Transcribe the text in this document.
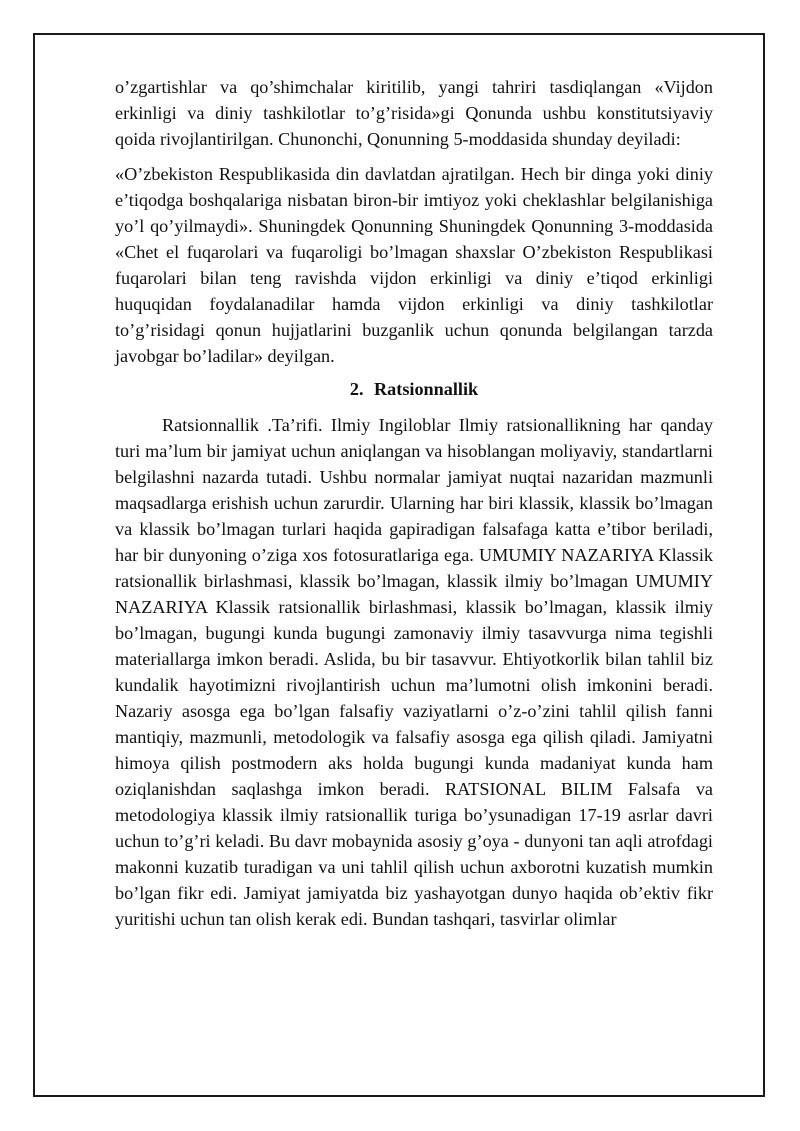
o’zgartishlar va qo’shimchalar kiritilib, yangi tahriri tasdiqlangan «Vijdon erkinligi va diniy tashkilotlar to’g’risida»gi Qonunda ushbu konstitutsiyaviy qoida rivojlantirilgan. Chunonchi, Qonunning 5-moddasida shunday deyiladi:

«O’zbekiston Respublikasida din davlatdan ajratilgan. Hech bir dinga yoki diniy e’tiqodga boshqalariga nisbatan biron-bir imtiyoz yoki cheklashlar belgilanishiga yo’l qo’yilmaydi». Shuningdek Qonunning Shuningdek Qonunning 3-moddasida «Chet el fuqarolari va fuqaroligi bo’lmagan shaxslar O’zbekiston Respublikasi fuqarolari bilan teng ravishda vijdon erkinligi va diniy e’tiqod erkinligi huquqidan foydalanadilar hamda vijdon erkinligi va diniy tashkilotlar to’g’risidagi qonun hujjatlarini buzganlik uchun qonunda belgilangan tarzda javobgar bo’ladilar» deyilgan.

2. Ratsionnallik

Ratsionnallik .Ta’rifi. Ilmiy Ingiloblar Ilmiy ratsionallikning har qanday turi ma’lum bir jamiyat uchun aniqlangan va hisoblangan moliyaviy, standartlarni belgilashni nazarda tutadi. Ushbu normalar jamiyat nuqtai nazaridan mazmunli maqsadlarga erishish uchun zarurdir. Ularning har biri klassik, klassik bo’lmagan va klassik bo’lmagan turlari haqida gapiradigan falsafaga katta e’tibor beriladi, har bir dunyoning o’ziga xos fotosuratlariga ega. UMUMIY NAZARIYA Klassik ratsionallik birlashmasi, klassik bo’lmagan, klassik ilmiy bo’lmagan UMUMIY NAZARIYA Klassik ratsionallik birlashmasi, klassik bo’lmagan, klassik ilmiy bo’lmagan, bugungi kunda bugungi zamonaviy ilmiy tasavvurga nima tegishli materiallarga imkon beradi. Aslida, bu bir tasavvur. Ehtiyotkorlik bilan tahlil biz kundalik hayotimizni rivojlantirish uchun ma’lumotni olish imkonini beradi. Nazariy asosga ega bo’lgan falsafiy vaziyatlarni o’z-o’zini tahlil qilish fanni mantiqiy, mazmunli, metodologik va falsafiy asosga ega qilish qiladi. Jamiyatni himoya qilish postmodern aks holda bugungi kunda madaniyat kunda ham oziqlanishdan saqlashga imkon beradi. RATSIONAL BILIM Falsafa va metodologiya klassik ilmiy ratsionallik turiga bo’ysunadigan 17-19 asrlar davri uchun to’g’ri keladi. Bu davr mobaynida asosiy g’oya - dunyoni tan aqli atrofdagi makonni kuzatib turadigan va uni tahlil qilish uchun axborotni kuzatish mumkin bo’lgan fikr edi. Jamiyat jamiyatda biz yashayotgan dunyo haqida ob’ektiv fikr yuritishi uchun tan olish kerak edi. Bundan tashqari, tasvirlar olimlar
